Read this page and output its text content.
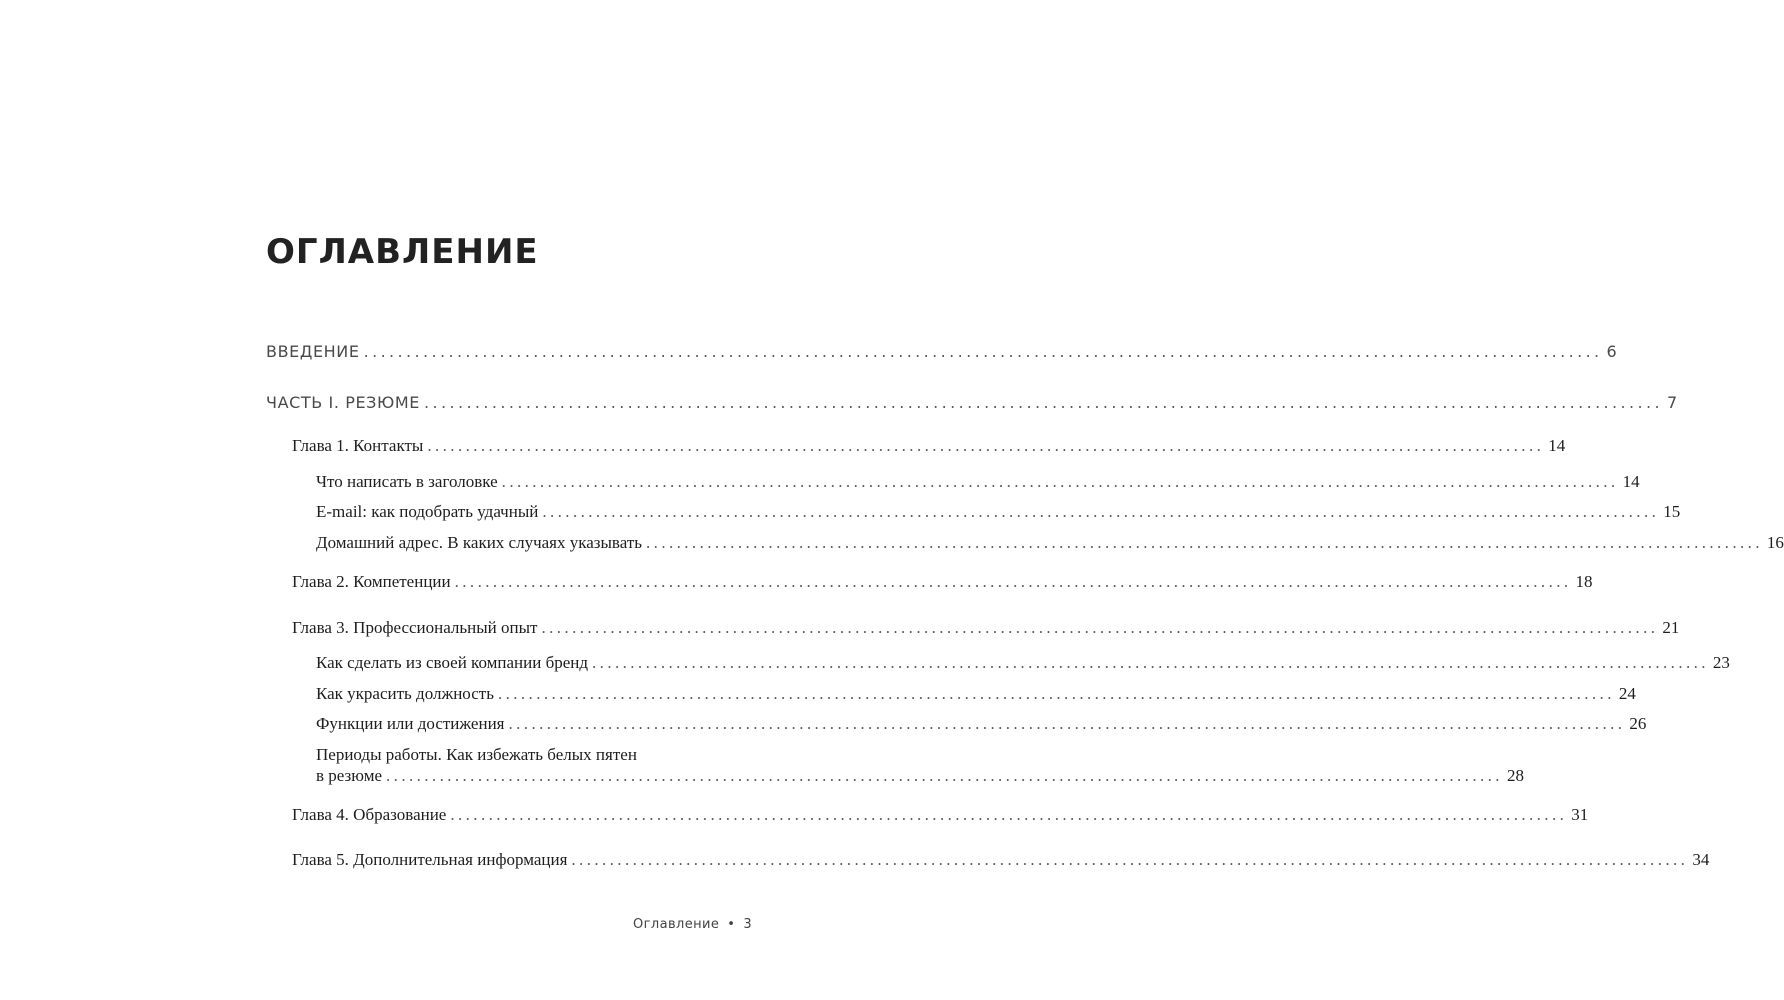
ОГЛАВЛЕНИЕ
ВВЕДЕНИЕ .................................................................................................................................................. 6
ЧАСТЬ I. РЕЗЮМЕ .................................................................................................................................................. 7
Глава 1. Контакты .................................................................................................................................................. 14
Что написать в заголовке .................................................................................................................................................. 14
E-mail: как подобрать удачный .................................................................................................................................................. 15
Домашний адрес. В каких случаях указывать .................................................................................................................................................. 16
Глава 2. Компетенции .................................................................................................................................................. 18
Глава 3. Профессиональный опыт .................................................................................................................................................. 21
Как сделать из своей компании бренд .................................................................................................................................................. 23
Как украсить должность .................................................................................................................................................. 24
Функции или достижения .................................................................................................................................................. 26
Периоды работы. Как избежать белых пятен
в резюме .................................................................................................................................................. 28
Глава 4. Образование .................................................................................................................................................. 31
Глава 5. Дополнительная информация .................................................................................................................................................. 34
Оглавление • 3
